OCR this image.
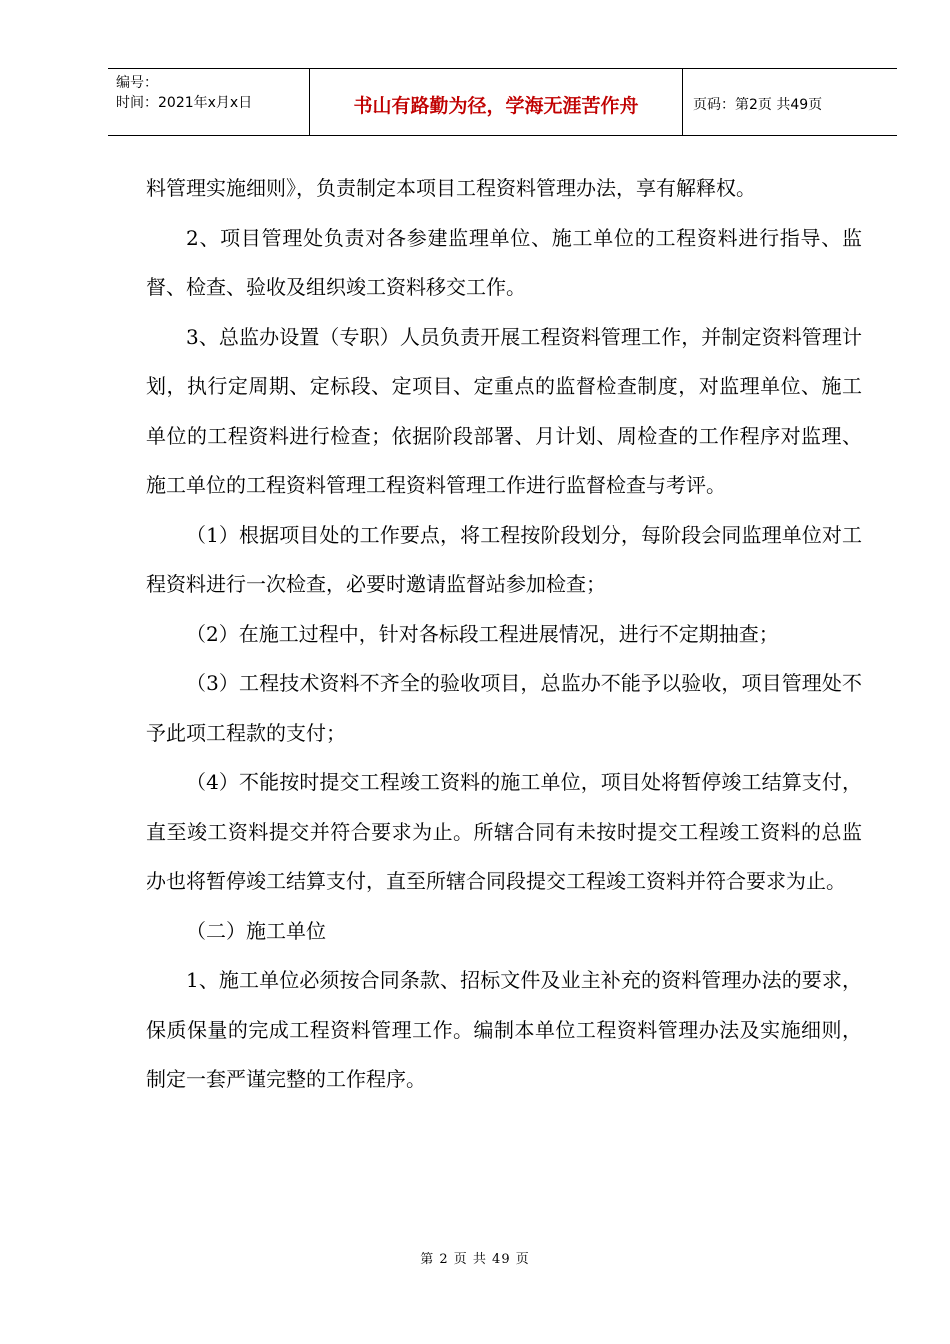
编号：
时间：2021年x月x日	书山有路勤为径，学海无涯苦作舟	页码：第2页 共49页

料管理实施细则》，负责制定本项目工程资料管理办法，享有解释权。

2、项目管理处负责对各参建监理单位、施工单位的工程资料进行指导、监督、检查、验收及组织竣工资料移交工作。

3、总监办设置（专职）人员负责开展工程资料管理工作，并制定资料管理计划，执行定周期、定标段、定项目、定重点的监督检查制度，对监理单位、施工单位的工程资料进行检查；依据阶段部署、月计划、周检查的工作程序对监理、施工单位的工程资料管理工程资料管理工作进行监督检查与考评。

（1）根据项目处的工作要点，将工程按阶段划分，每阶段会同监理单位对工程资料进行一次检查，必要时邀请监督站参加检查；

（2）在施工过程中，针对各标段工程进展情况，进行不定期抽查；

（3）工程技术资料不齐全的验收项目，总监办不能予以验收，项目管理处不予此项工程款的支付；

（4）不能按时提交工程竣工资料的施工单位，项目处将暂停竣工结算支付，直至竣工资料提交并符合要求为止。所辖合同有未按时提交工程竣工资料的总监办也将暂停竣工结算支付，直至所辖合同段提交工程竣工资料并符合要求为止。

（二）施工单位

1、施工单位必须按合同条款、招标文件及业主补充的资料管理办法的要求，保质保量的完成工程资料管理工作。编制本单位工程资料管理办法及实施细则，制定一套严谨完整的工作程序。

第 2 页 共 49 页
